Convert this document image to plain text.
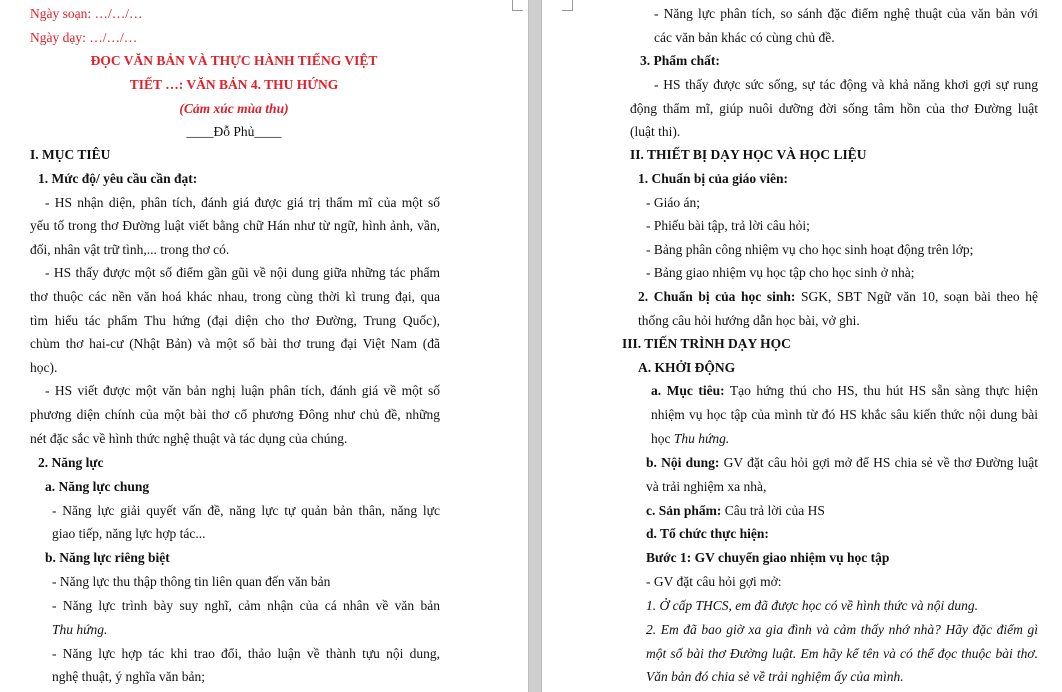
Ngày soạn: …/…/…
Ngày dạy: …/…/…
ĐỌC VĂN BẢN VÀ THỰC HÀNH TIẾNG VIỆT
TIẾT …: VĂN BẢN 4. THU HỨNG
(Cảm xúc mùa thu)
____Đỗ Phủ____
I. MỤC TIÊU
1. Mức độ/ yêu cầu cần đạt:
- HS nhận diện, phân tích, đánh giá được giá trị thẩm mĩ của một số
yếu tố trong thơ Đường luật viết bằng chữ Hán như từ ngữ, hình ảnh, vần,
đối, nhân vật trữ tình,... trong thơ có.
- HS thấy được một số điểm gần gũi về nội dung giữa những tác phẩm
thơ thuộc các nền văn hoá khác nhau, trong cùng thời kì trung đại, qua
tìm hiểu tác phẩm Thu hứng (đại diện cho thơ Đường, Trung Quốc),
chùm thơ hai-cư (Nhật Bản) và một số bài thơ trung đại Việt Nam (đã
học).
- HS viết được một văn bản nghị luận phân tích, đánh giá về một số
phương diện chính của một bài thơ cổ phương Đông như chủ đề, những
nét đặc sắc về hình thức nghệ thuật và tác dụng của chúng.
2. Năng lực
a. Năng lực chung
- Năng lực giải quyết vấn đề, năng lực tự quản bản thân, năng lực
giao tiếp, năng lực hợp tác...
b. Năng lực riêng biệt
- Năng lực thu thập thông tin liên quan đến văn bản
- Năng lực trình bày suy nghĩ, cảm nhận của cá nhân về văn bản
Thu hứng.
- Năng lực hợp tác khi trao đổi, thảo luận về thành tựu nội dung,
nghệ thuật, ý nghĩa văn bản;
- Năng lực phân tích, so sánh đặc điểm nghệ thuật của văn bản với
các văn bản khác có cùng chủ đề.
3. Phẩm chất:
- HS thấy được sức sống, sự tác động và khả năng khơi gợi sự rung
động thẩm mĩ, giúp nuôi dưỡng đời sống tâm hồn của thơ Đường luật
(luật thi).
II. THIẾT BỊ DẠY HỌC VÀ HỌC LIỆU
1. Chuẩn bị của giáo viên:
- Giáo án;
- Phiếu bài tập, trả lời câu hỏi;
- Bảng phân công nhiệm vụ cho học sinh hoạt động trên lớp;
- Bảng giao nhiệm vụ học tập cho học sinh ở nhà;
2. Chuẩn bị của học sinh: SGK, SBT Ngữ văn 10, soạn bài theo hệ
thống câu hỏi hướng dẫn học bài, vở ghi.
III. TIẾN TRÌNH DẠY HỌC
A. KHỞI ĐỘNG
a. Mục tiêu: Tạo hứng thú cho HS, thu hút HS sẵn sàng thực hiện
nhiệm vụ học tập của mình từ đó HS khắc sâu kiến thức nội dung bài
học Thu hứng.
b. Nội dung: GV đặt câu hỏi gợi mở để HS chia sẻ về thơ Đường luật
và trải nghiệm xa nhà,
c. Sản phẩm: Câu trả lời của HS
d. Tổ chức thực hiện:
Bước 1: GV chuyển giao nhiệm vụ học tập
- GV đặt câu hỏi gợi mở:
1. Ở cấp THCS, em đã được học có về hình thức và nội dung.
2. Em đã bao giờ xa gia đình và cảm thấy nhớ nhà? Hãy đặc điểm gì
một số bài thơ Đường luật. Em hãy kể tên và có thể đọc thuộc bài thơ.
Văn bản đó chia sẻ về trải nghiệm ấy của mình.
